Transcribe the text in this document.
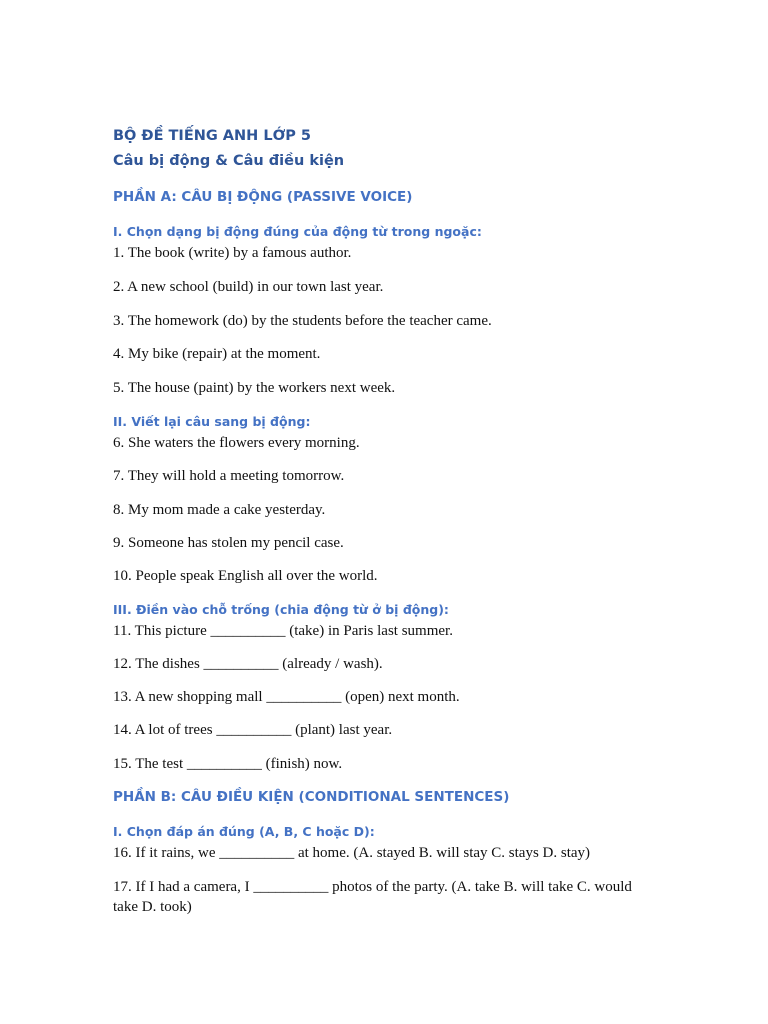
BỘ ĐỀ TIẾNG ANH LỚP 5

Câu bị động & Câu điều kiện

PHẦN A: CÂU BỊ ĐỘNG (PASSIVE VOICE)

I. Chọn dạng bị động đúng của động từ trong ngoặc:

1. The book (write) by a famous author.

2. A new school (build) in our town last year.

3. The homework (do) by the students before the teacher came.

4. My bike (repair) at the moment.

5. The house (paint) by the workers next week.

II. Viết lại câu sang bị động:

6. She waters the flowers every morning.

7. They will hold a meeting tomorrow.

8. My mom made a cake yesterday.

9. Someone has stolen my pencil case.

10. People speak English all over the world.

III. Điền vào chỗ trống (chia động từ ở bị động):

11. This picture __________ (take) in Paris last summer.

12. The dishes __________ (already / wash).

13. A new shopping mall __________ (open) next month.

14. A lot of trees __________ (plant) last year.

15. The test __________ (finish) now.

PHẦN B: CÂU ĐIỀU KIỆN (CONDITIONAL SENTENCES)

I. Chọn đáp án đúng (A, B, C hoặc D):

16. If it rains, we __________ at home. (A. stayed B. will stay C. stays D. stay)

17. If I had a camera, I __________ photos of the party. (A. take B. will take C. would take D. took)
